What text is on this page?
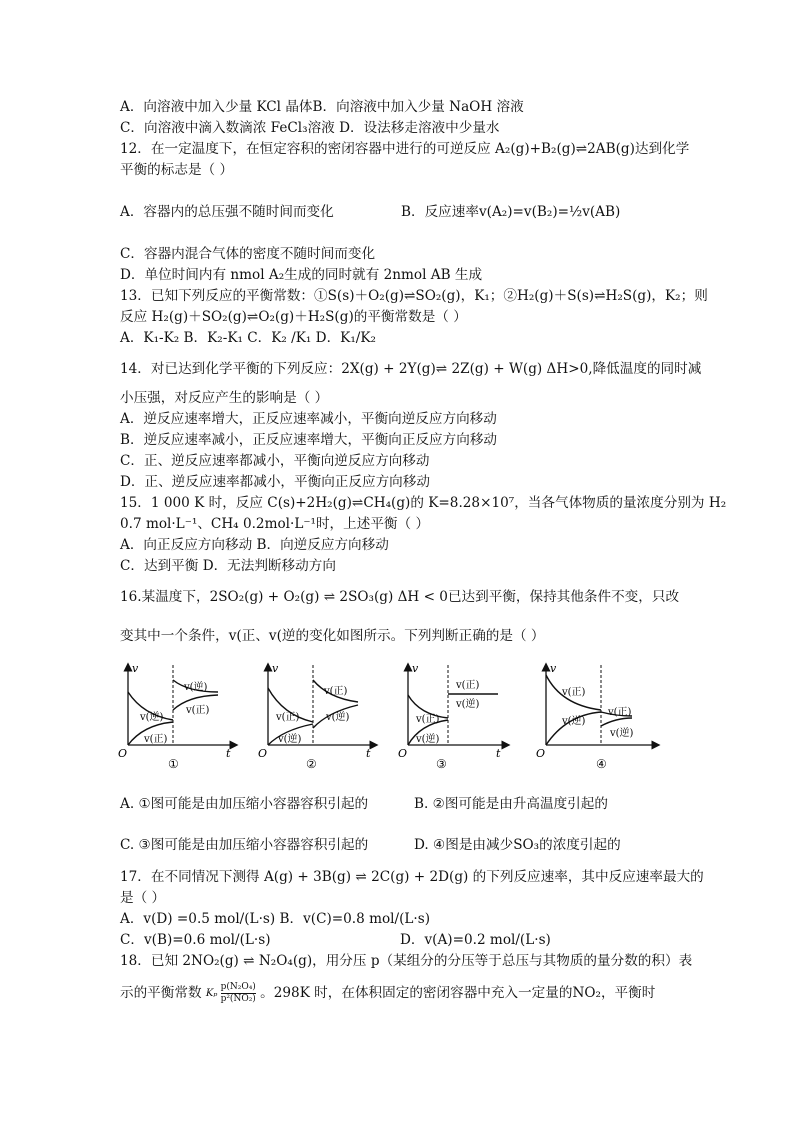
A．向溶液中加入少量 KCl 晶体B．向溶液中加入少量 NaOH 溶液
C．向溶液中滴入数滴浓 FeCl₃溶液 D．设法移走溶液中少量水
12．在一定温度下，在恒定容积的密闭容器中进行的可逆反应 A₂(g)+B₂(g)⇌2AB(g)达到化学
平衡的标志是（ ）
A．容器内的总压强不随时间而变化	B．反应速率v(A₂)=v(B₂)=½v(AB)
C．容器内混合气体的密度不随时间而变化
D．单位时间内有 nmol A₂生成的同时就有 2nmol AB 生成
13．已知下列反应的平衡常数：①S(s)＋O₂(g)⇌SO₂(g)，K₁；②H₂(g)＋S(s)⇌H₂S(g)，K₂；则
反应 H₂(g)＋SO₂(g)⇌O₂(g)＋H₂S(g)的平衡常数是（ ）
A．K₁-K₂ B．K₂-K₁ C．K₂ /K₁ D．K₁/K₂
14．对已达到化学平衡的下列反应：2X(g) + 2Y(g)⇌ 2Z(g) + W(g) ΔH>0,降低温度的同时减
小压强，对反应产生的影响是（ ）
A．逆反应速率增大，正反应速率减小，平衡向逆反应方向移动
B．逆反应速率减小，正反应速率增大，平衡向正反应方向移动
C．正、逆反应速率都减小，平衡向逆反应方向移动
D．正、逆反应速率都减小，平衡向正反应方向移动
15．1 000 K 时，反应 C(s)+2H₂(g)⇌CH₄(g)的 K=8.28×10⁷，当各气体物质的量浓度分别为 H₂
0.7 mol·L⁻¹、CH₄ 0.2mol·L⁻¹时，上述平衡（ ）
A．向正反应方向移动 B．向逆反应方向移动
C．达到平衡 D．无法判断移动方向
16.某温度下，2SO₂(g) + O₂(g) ⇌ 2SO₃(g) ΔH < 0已达到平衡，保持其他条件不变，只改
变其中一个条件，v(正、v(逆的变化如图所示。下列判断正确的是（ ）
v
t
O
v(逆)
v(正)
v(逆)
v(正)
①
v
t
O
v(正)
v(逆)
v(正)
v(逆)
②
v
t
O
v(正)
v(逆)
v(正)
v(逆)
③
v
O
v(正)
v(逆)
v(正)
v(逆)
④
A. ①图可能是由加压缩小容器容积引起的	B. ②图可能是由升高温度引起的
C. ③图可能是由加压缩小容器容积引起的	D. ④图是由减少SO₃的浓度引起的
17．在不同情况下测得 A(g) + 3B(g) ⇌ 2C(g) + 2D(g) 的下列反应速率，其中反应速率最大的
是（ ）
A．v(D) =0.5 mol/(L·s) B．v(C)=0.8 mol/(L·s)
C．v(B)=0.6 mol/(L·s)	D．v(A)=0.2 mol/(L·s)
18．已知 2NO₂(g) ⇌ N₂O₄(g)，用分压 p（某组分的分压等于总压与其物质的量分数的积）表
示的平衡常数 Kₚ $\frac{\text{p(N₂O₄)}}{\text{p²(NO₂)}}$ 。298K 时，在体积固定的密闭容器中充入一定量的NO₂，平衡时
